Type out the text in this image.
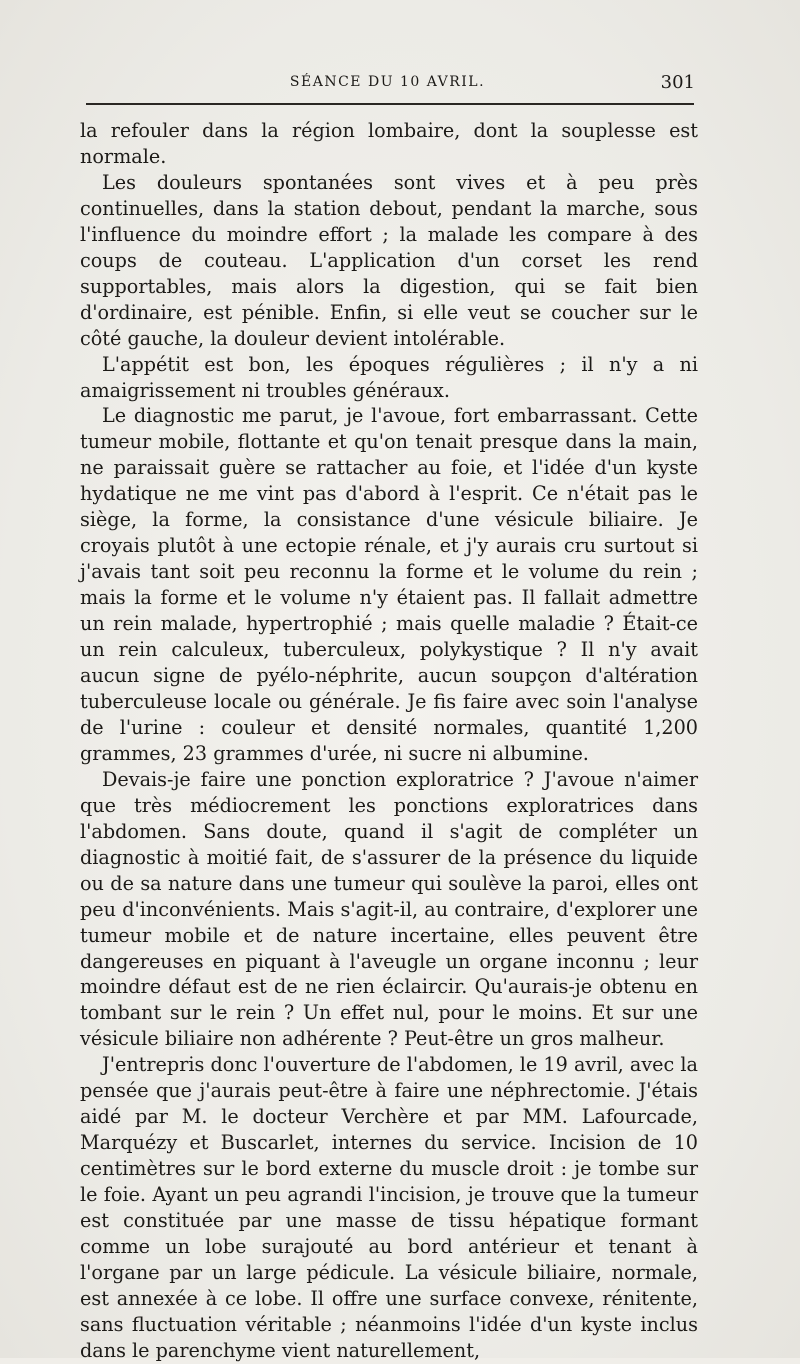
SÉANCE DU 10 AVRIL.	301

la refouler dans la région lombaire, dont la souplesse est normale.

Les douleurs spontanées sont vives et à peu près continuelles, dans la station debout, pendant la marche, sous l'influence du moindre effort ; la malade les compare à des coups de couteau. L'application d'un corset les rend supportables, mais alors la digestion, qui se fait bien d'ordinaire, est pénible. Enfin, si elle veut se coucher sur le côté gauche, la douleur devient intolérable.

L'appétit est bon, les époques régulières ; il n'y a ni amaigrissement ni troubles généraux.

Le diagnostic me parut, je l'avoue, fort embarrassant. Cette tumeur mobile, flottante et qu'on tenait presque dans la main, ne paraissait guère se rattacher au foie, et l'idée d'un kyste hydatique ne me vint pas d'abord à l'esprit. Ce n'était pas le siège, la forme, la consistance d'une vésicule biliaire. Je croyais plutôt à une ectopie rénale, et j'y aurais cru surtout si j'avais tant soit peu reconnu la forme et le volume du rein ; mais la forme et le volume n'y étaient pas. Il fallait admettre un rein malade, hypertrophié ; mais quelle maladie ? Était-ce un rein calculeux, tuberculeux, polykystique ? Il n'y avait aucun signe de pyélo-néphrite, aucun soupçon d'altération tuberculeuse locale ou générale. Je fis faire avec soin l'analyse de l'urine : couleur et densité normales, quantité 1,200 grammes, 23 grammes d'urée, ni sucre ni albumine.

Devais-je faire une ponction exploratrice ? J'avoue n'aimer que très médiocrement les ponctions exploratrices dans l'abdomen. Sans doute, quand il s'agit de compléter un diagnostic à moitié fait, de s'assurer de la présence du liquide ou de sa nature dans une tumeur qui soulève la paroi, elles ont peu d'inconvénients. Mais s'agit-il, au contraire, d'explorer une tumeur mobile et de nature incertaine, elles peuvent être dangereuses en piquant à l'aveugle un organe inconnu ; leur moindre défaut est de ne rien éclaircir. Qu'aurais-je obtenu en tombant sur le rein ? Un effet nul, pour le moins. Et sur une vésicule biliaire non adhérente ? Peut-être un gros malheur.

J'entrepris donc l'ouverture de l'abdomen, le 19 avril, avec la pensée que j'aurais peut-être à faire une néphrectomie. J'étais aidé par M. le docteur Verchère et par MM. Lafourcade, Marquézy et Buscarlet, internes du service. Incision de 10 centimètres sur le bord externe du muscle droit : je tombe sur le foie. Ayant un peu agrandi l'incision, je trouve que la tumeur est constituée par une masse de tissu hépatique formant comme un lobe surajouté au bord antérieur et tenant à l'organe par un large pédicule. La vésicule biliaire, normale, est annexée à ce lobe. Il offre une surface convexe, rénitente, sans fluctuation véritable ; néanmoins l'idée d'un kyste inclus dans le parenchyme vient naturellement,
